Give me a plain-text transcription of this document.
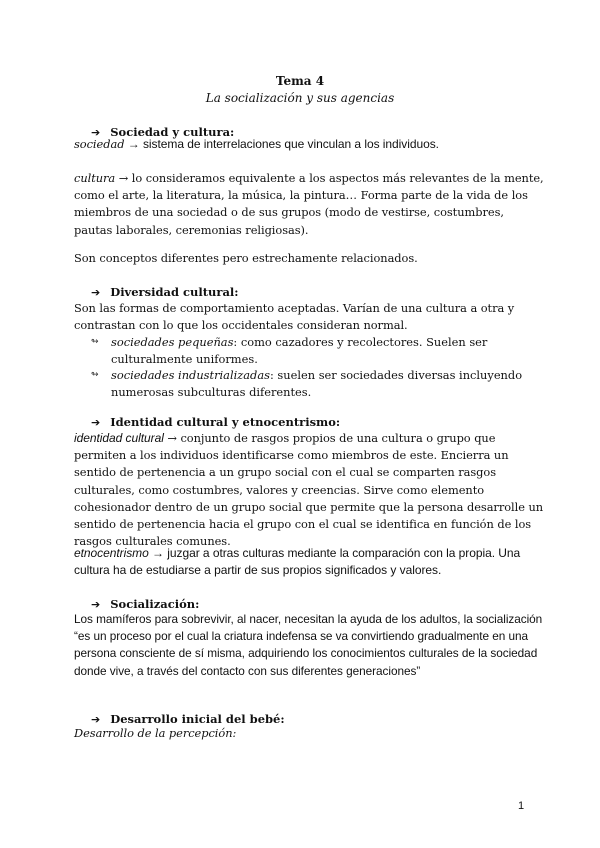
Tema 4
La socialización y sus agencias
➔ Sociedad y cultura:
sociedad → sistema de interrelaciones que vinculan a los individuos.
cultura → lo consideramos equivalente a los aspectos más relevantes de la mente, como el arte, la literatura, la música, la pintura… Forma parte de la vida de los miembros de una sociedad o de sus grupos (modo de vestirse, costumbres, pautas laborales, ceremonias religiosas).
Son conceptos diferentes pero estrechamente relacionados.
➔ Diversidad cultural:
Son las formas de comportamiento aceptadas. Varían de una cultura a otra y contrastan con lo que los occidentales consideran normal.
↬ sociedades pequeñas: como cazadores y recolectores. Suelen ser culturalmente uniformes.
↬ sociedades industrializadas: suelen ser sociedades diversas incluyendo numerosas subculturas diferentes.
➔ Identidad cultural y etnocentrismo:
identidad cultural → conjunto de rasgos propios de una cultura o grupo que permiten a los individuos identificarse como miembros de este. Encierra un sentido de pertenencia a un grupo social con el cual se comparten rasgos culturales, como costumbres, valores y creencias. Sirve como elemento cohesionador dentro de un grupo social que permite que la persona desarrolle un sentido de pertenencia hacia el grupo con el cual se identifica en función de los rasgos culturales comunes.
etnocentrismo → juzgar a otras culturas mediante la comparación con la propia. Una cultura ha de estudiarse a partir de sus propios significados y valores.
➔ Socialización:
Los mamíferos para sobrevivir, al nacer, necesitan la ayuda de los adultos, la socialización “es un proceso por el cual la criatura indefensa se va convirtiendo gradualmente en una persona consciente de sí misma, adquiriendo los conocimientos culturales de la sociedad donde vive, a través del contacto con sus diferentes generaciones”
➔ Desarrollo inicial del bebé:
Desarrollo de la percepción:
1
